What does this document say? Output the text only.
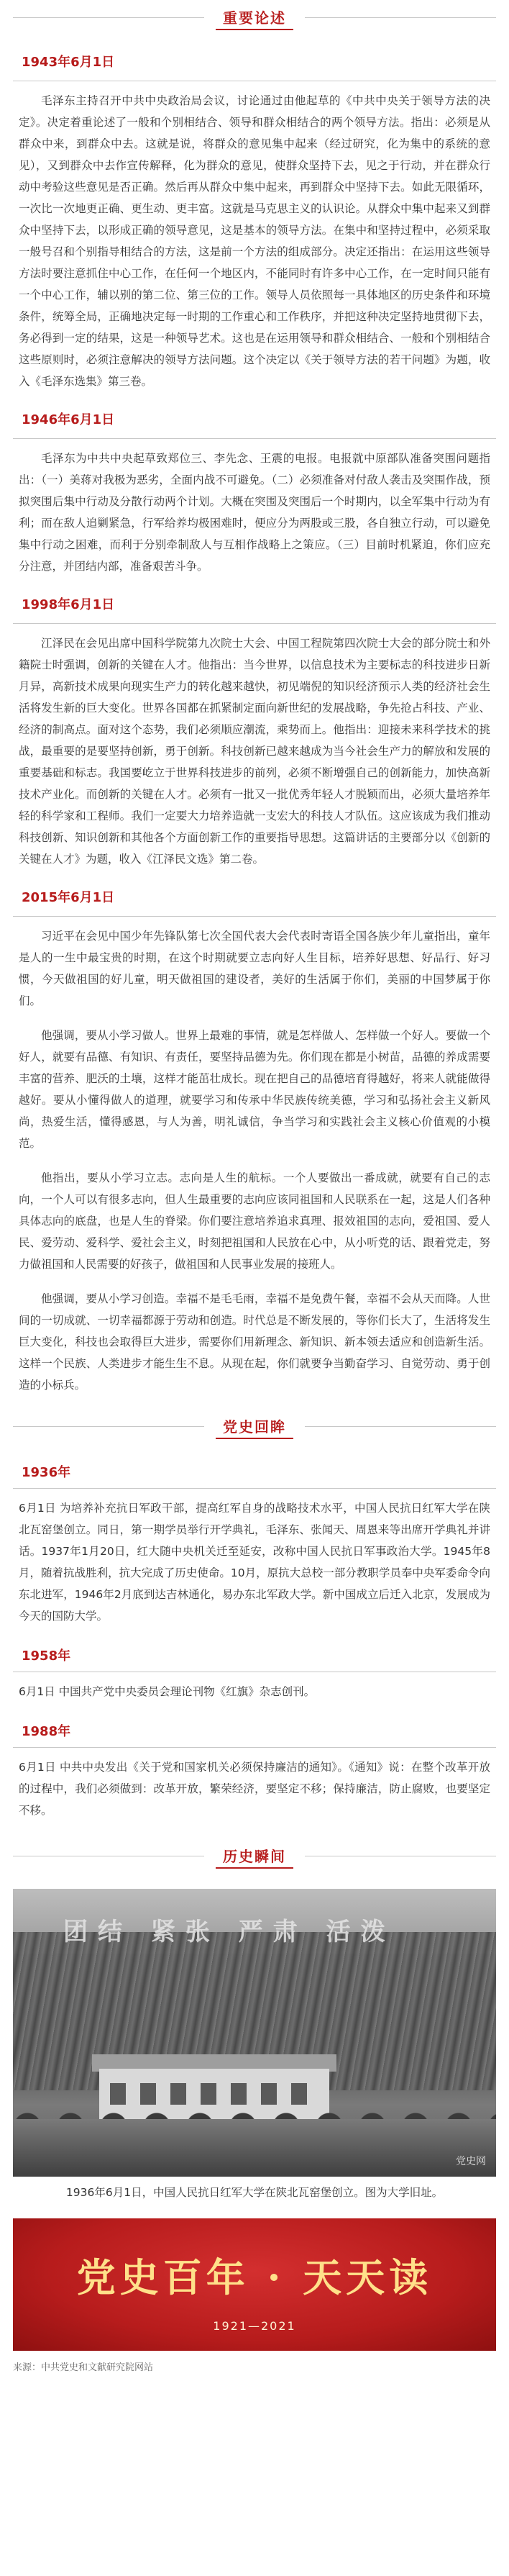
重要论述
1943年6月1日
毛泽东主持召开中共中央政治局会议，讨论通过由他起草的《中共中央关于领导方法的决定》。决定着重论述了一般和个别相结合、领导和群众相结合的两个领导方法。指出：必须是从群众中来，到群众中去。这就是说，将群众的意见集中起来（经过研究，化为集中的系统的意见），又到群众中去作宣传解释，化为群众的意见，使群众坚持下去，见之于行动，并在群众行动中考验这些意见是否正确。然后再从群众中集中起来，再到群众中坚持下去。如此无限循环，一次比一次地更正确、更生动、更丰富。这就是马克思主义的认识论。从群众中集中起来又到群众中坚持下去，以形成正确的领导意见，这是基本的领导方法。在集中和坚持过程中，必须采取一般号召和个别指导相结合的方法，这是前一个方法的组成部分。决定还指出：在运用这些领导方法时要注意抓住中心工作，在任何一个地区内，不能同时有许多中心工作，在一定时间只能有一个中心工作，辅以别的第二位、第三位的工作。领导人员依照每一具体地区的历史条件和环境条件，统筹全局，正确地决定每一时期的工作重心和工作秩序，并把这种决定坚持地贯彻下去，务必得到一定的结果，这是一种领导艺术。这也是在运用领导和群众相结合、一般和个别相结合这些原则时，必须注意解决的领导方法问题。这个决定以《关于领导方法的若干问题》为题，收入《毛泽东选集》第三卷。
1946年6月1日
毛泽东为中共中央起草致郑位三、李先念、王震的电报。电报就中原部队准备突围问题指出：（一）美蒋对我极为恶劣，全面内战不可避免。（二）必须准备对付敌人袭击及突围作战，预拟突围后集中行动及分散行动两个计划。大概在突围及突围后一个时期内，以全军集中行动为有利；而在敌人追剿紧急，行军给养均极困难时，便应分为两股或三股，各自独立行动，可以避免集中行动之困难，而利于分别牵制敌人与互相作战略上之策应。（三）目前时机紧迫，你们应充分注意，并团结内部，准备艰苦斗争。
1998年6月1日
江泽民在会见出席中国科学院第九次院士大会、中国工程院第四次院士大会的部分院士和外籍院士时强调，创新的关键在人才。他指出：当今世界，以信息技术为主要标志的科技进步日新月异，高新技术成果向现实生产力的转化越来越快，初见端倪的知识经济预示人类的经济社会生活将发生新的巨大变化。世界各国都在抓紧制定面向新世纪的发展战略，争先抢占科技、产业、经济的制高点。面对这个态势，我们必须顺应潮流，乘势而上。他指出：迎接未来科学技术的挑战，最重要的是要坚持创新，勇于创新。科技创新已越来越成为当今社会生产力的解放和发展的重要基础和标志。我国要屹立于世界科技进步的前列，必须不断增强自己的创新能力，加快高新技术产业化。而创新的关键在人才。必须有一批又一批优秀年轻人才脱颖而出，必须大量培养年轻的科学家和工程师。我们一定要大力培养造就一支宏大的科技人才队伍。这应该成为我们推动科技创新、知识创新和其他各个方面创新工作的重要指导思想。这篇讲话的主要部分以《创新的关键在人才》为题，收入《江泽民文选》第二卷。
2015年6月1日
习近平在会见中国少年先锋队第七次全国代表大会代表时寄语全国各族少年儿童指出，童年是人的一生中最宝贵的时期，在这个时期就要立志向好人生目标，培养好思想、好品行、好习惯，今天做祖国的好儿童，明天做祖国的建设者，美好的生活属于你们，美丽的中国梦属于你们。
他强调，要从小学习做人。世界上最难的事情，就是怎样做人、怎样做一个好人。要做一个好人，就要有品德、有知识、有责任，要坚持品德为先。你们现在都是小树苗，品德的养成需要丰富的营养、肥沃的土壤，这样才能茁壮成长。现在把自己的品德培育得越好，将来人就能做得越好。要从小懂得做人的道理，就要学习和传承中华民族传统美德，学习和弘扬社会主义新风尚，热爱生活，懂得感恩，与人为善，明礼诚信，争当学习和实践社会主义核心价值观的小模范。
他指出，要从小学习立志。志向是人生的航标。一个人要做出一番成就，就要有自己的志向，一个人可以有很多志向，但人生最重要的志向应该同祖国和人民联系在一起，这是人们各种具体志向的底盘，也是人生的脊梁。你们要注意培养追求真理、报效祖国的志向，爱祖国、爱人民、爱劳动、爱科学、爱社会主义，时刻把祖国和人民放在心中，从小听党的话、跟着党走，努力做祖国和人民需要的好孩子，做祖国和人民事业发展的接班人。
他强调，要从小学习创造。幸福不是毛毛雨，幸福不是免费午餐，幸福不会从天而降。人世间的一切成就、一切幸福都源于劳动和创造。时代总是不断发展的，等你们长大了，生活将发生巨大变化，科技也会取得巨大进步，需要你们用新理念、新知识、新本领去适应和创造新生活。这样一个民族、人类进步才能生生不息。从现在起，你们就要争当勤奋学习、自觉劳动、勇于创造的小标兵。
党史回眸
1936年
6月1日 为培养补充抗日军政干部，提高红军自身的战略技术水平，中国人民抗日红军大学在陕北瓦窑堡创立。同日，第一期学员举行开学典礼，毛泽东、张闻天、周恩来等出席开学典礼并讲话。1937年1月20日，红大随中央机关迁至延安，改称中国人民抗日军事政治大学。1945年8月，随着抗战胜利，抗大完成了历史使命。10月，原抗大总校一部分教职学员奉中央军委命令向东北进军，1946年2月底到达吉林通化，易办东北军政大学。新中国成立后迁入北京，发展成为今天的国防大学。
1958年
6月1日 中国共产党中央委员会理论刊物《红旗》杂志创刊。
1988年
6月1日 中共中央发出《关于党和国家机关必须保持廉洁的通知》。《通知》说：在整个改革开放的过程中，我们必须做到：改革开放，繁荣经济，要坚定不移；保持廉洁，防止腐败，也要坚定不移。
历史瞬间
团结 紧张 严肃 活泼
党史网
1936年6月1日，中国人民抗日红军大学在陕北瓦窑堡创立。图为大学旧址。
党史百年 · 天天读
1921—2021
来源：中共党史和文献研究院网站
